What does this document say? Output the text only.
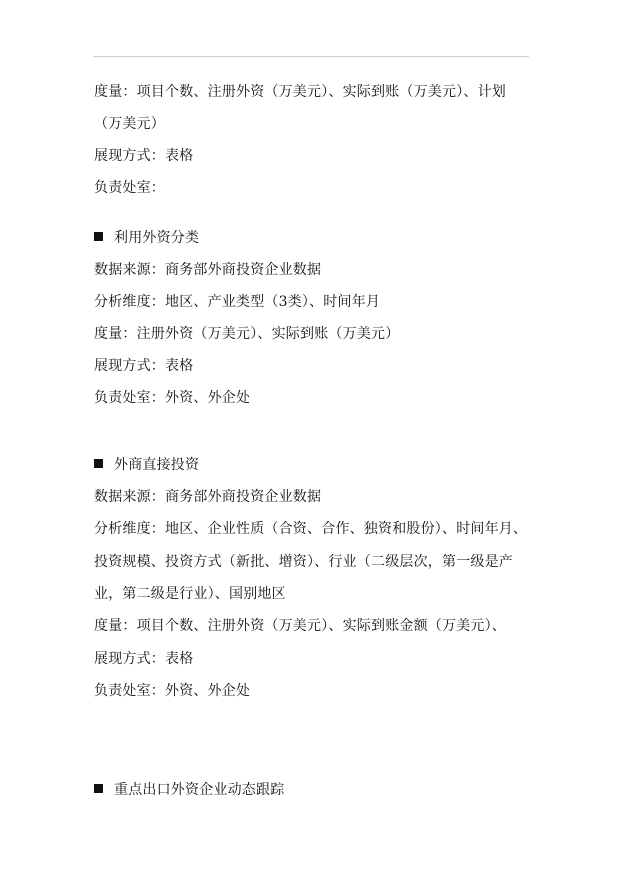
度量：项目个数、注册外资（万美元）、实际到账（万美元）、计划
（万美元）
展现方式：表格
负责处室：
利用外资分类
数据来源：商务部外商投资企业数据
分析维度：地区、产业类型（3类）、时间年月
度量：注册外资（万美元）、实际到账（万美元）
展现方式：表格
负责处室：外资、外企处
外商直接投资
数据来源：商务部外商投资企业数据
分析维度：地区、企业性质（合资、合作、独资和股份）、时间年月、
投资规模、投资方式（新批、增资）、行业（二级层次，第一级是产
业，第二级是行业）、国别地区
度量：项目个数、注册外资（万美元）、实际到账金额（万美元）、
展现方式：表格
负责处室：外资、外企处
重点出口外资企业动态跟踪
